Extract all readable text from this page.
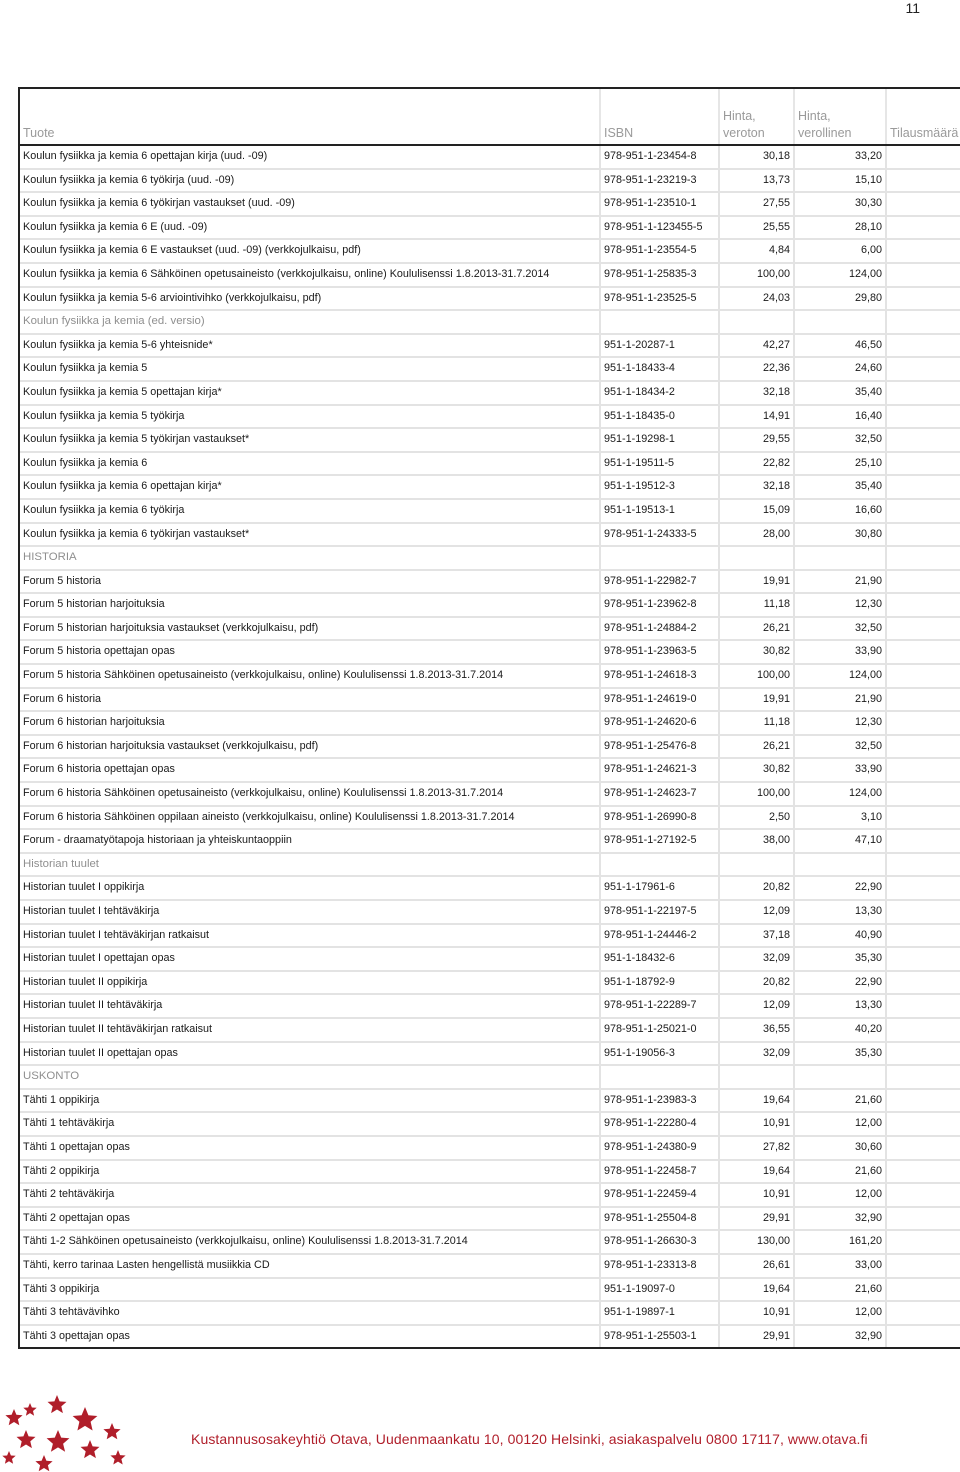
11
Tuote	ISBN	Hinta, veroton	Hinta, verollinen	Tilausmäärä
Koulun fysiikka ja kemia 6 opettajan kirja (uud. -09)	978-951-1-23454-8	30,18	33,20	
Koulun fysiikka ja kemia 6 työkirja (uud. -09)	978-951-1-23219-3	13,73	15,10	
Koulun fysiikka ja kemia 6 työkirjan vastaukset (uud. -09)	978-951-1-23510-1	27,55	30,30	
Koulun fysiikka ja kemia 6 E (uud. -09)	978-951-1-123455-5	25,55	28,10	
Koulun fysiikka ja kemia 6 E vastaukset (uud. -09) (verkkojulkaisu, pdf)	978-951-1-23554-5	4,84	6,00	
Koulun fysiikka ja kemia 6 Sähköinen opetusaineisto (verkkojulkaisu, online) Koululisenssi 1.8.2013-31.7.2014	978-951-1-25835-3	100,00	124,00	
Koulun fysiikka ja kemia 5-6 arviointivihko (verkkojulkaisu, pdf)	978-951-1-23525-5	24,03	29,80	
Koulun fysiikka ja kemia (ed. versio)				
Koulun fysiikka ja kemia 5-6 yhteisnide*	951-1-20287-1	42,27	46,50	
Koulun fysiikka ja kemia 5	951-1-18433-4	22,36	24,60	
Koulun fysiikka ja kemia 5 opettajan kirja*	951-1-18434-2	32,18	35,40	
Koulun fysiikka ja kemia 5 työkirja	951-1-18435-0	14,91	16,40	
Koulun fysiikka ja kemia 5 työkirjan vastaukset*	951-1-19298-1	29,55	32,50	
Koulun fysiikka ja kemia 6	951-1-19511-5	22,82	25,10	
Koulun fysiikka ja kemia 6 opettajan kirja*	951-1-19512-3	32,18	35,40	
Koulun fysiikka ja kemia 6 työkirja	951-1-19513-1	15,09	16,60	
Koulun fysiikka ja kemia 6 työkirjan vastaukset*	978-951-1-24333-5	28,00	30,80	
HISTORIA				
Forum 5 historia	978-951-1-22982-7	19,91	21,90	
Forum 5 historian harjoituksia	978-951-1-23962-8	11,18	12,30	
Forum 5 historian harjoituksia vastaukset (verkkojulkaisu, pdf)	978-951-1-24884-2	26,21	32,50	
Forum 5 historia opettajan opas	978-951-1-23963-5	30,82	33,90	
Forum 5 historia Sähköinen opetusaineisto (verkkojulkaisu, online) Koululisenssi 1.8.2013-31.7.2014	978-951-1-24618-3	100,00	124,00	
Forum 6 historia	978-951-1-24619-0	19,91	21,90	
Forum 6 historian harjoituksia	978-951-1-24620-6	11,18	12,30	
Forum 6 historian harjoituksia vastaukset (verkkojulkaisu, pdf)	978-951-1-25476-8	26,21	32,50	
Forum 6 historia opettajan opas	978-951-1-24621-3	30,82	33,90	
Forum 6 historia Sähköinen opetusaineisto (verkkojulkaisu, online) Koululisenssi 1.8.2013-31.7.2014	978-951-1-24623-7	100,00	124,00	
Forum 6 historia Sähköinen oppilaan aineisto (verkkojulkaisu, online) Koululisenssi 1.8.2013-31.7.2014	978-951-1-26990-8	2,50	3,10	
Forum - draamatyötapoja historiaan ja yhteiskuntaoppiin	978-951-1-27192-5	38,00	47,10	
Historian tuulet				
Historian tuulet I oppikirja	951-1-17961-6	20,82	22,90	
Historian tuulet I tehtäväkirja	978-951-1-22197-5	12,09	13,30	
Historian tuulet I tehtäväkirjan ratkaisut	978-951-1-24446-2	37,18	40,90	
Historian tuulet I opettajan opas	951-1-18432-6	32,09	35,30	
Historian tuulet II oppikirja	951-1-18792-9	20,82	22,90	
Historian tuulet II tehtäväkirja	978-951-1-22289-7	12,09	13,30	
Historian tuulet II tehtäväkirjan ratkaisut	978-951-1-25021-0	36,55	40,20	
Historian tuulet II opettajan opas	951-1-19056-3	32,09	35,30	
USKONTO				
Tähti 1 oppikirja	978-951-1-23983-3	19,64	21,60	
Tähti 1 tehtäväkirja	978-951-1-22280-4	10,91	12,00	
Tähti 1 opettajan opas	978-951-1-24380-9	27,82	30,60	
Tähti 2 oppikirja	978-951-1-22458-7	19,64	21,60	
Tähti 2 tehtäväkirja	978-951-1-22459-4	10,91	12,00	
Tähti 2 opettajan opas	978-951-1-25504-8	29,91	32,90	
Tähti 1-2 Sähköinen opetusaineisto (verkkojulkaisu, online) Koululisenssi 1.8.2013-31.7.2014	978-951-1-26630-3	130,00	161,20	
Tähti, kerro tarinaa Lasten hengellistä musiikkia CD	978-951-1-23313-8	26,61	33,00	
Tähti 3 oppikirja	951-1-19097-0	19,64	21,60	
Tähti 3 tehtävävihko	951-1-19897-1	10,91	12,00	
Tähti 3 opettajan opas	978-951-1-25503-1	29,91	32,90	
Kustannusosakeyhtiö Otava, Uudenmaankatu 10, 00120 Helsinki, asiakaspalvelu 0800 17117, www.otava.fi
